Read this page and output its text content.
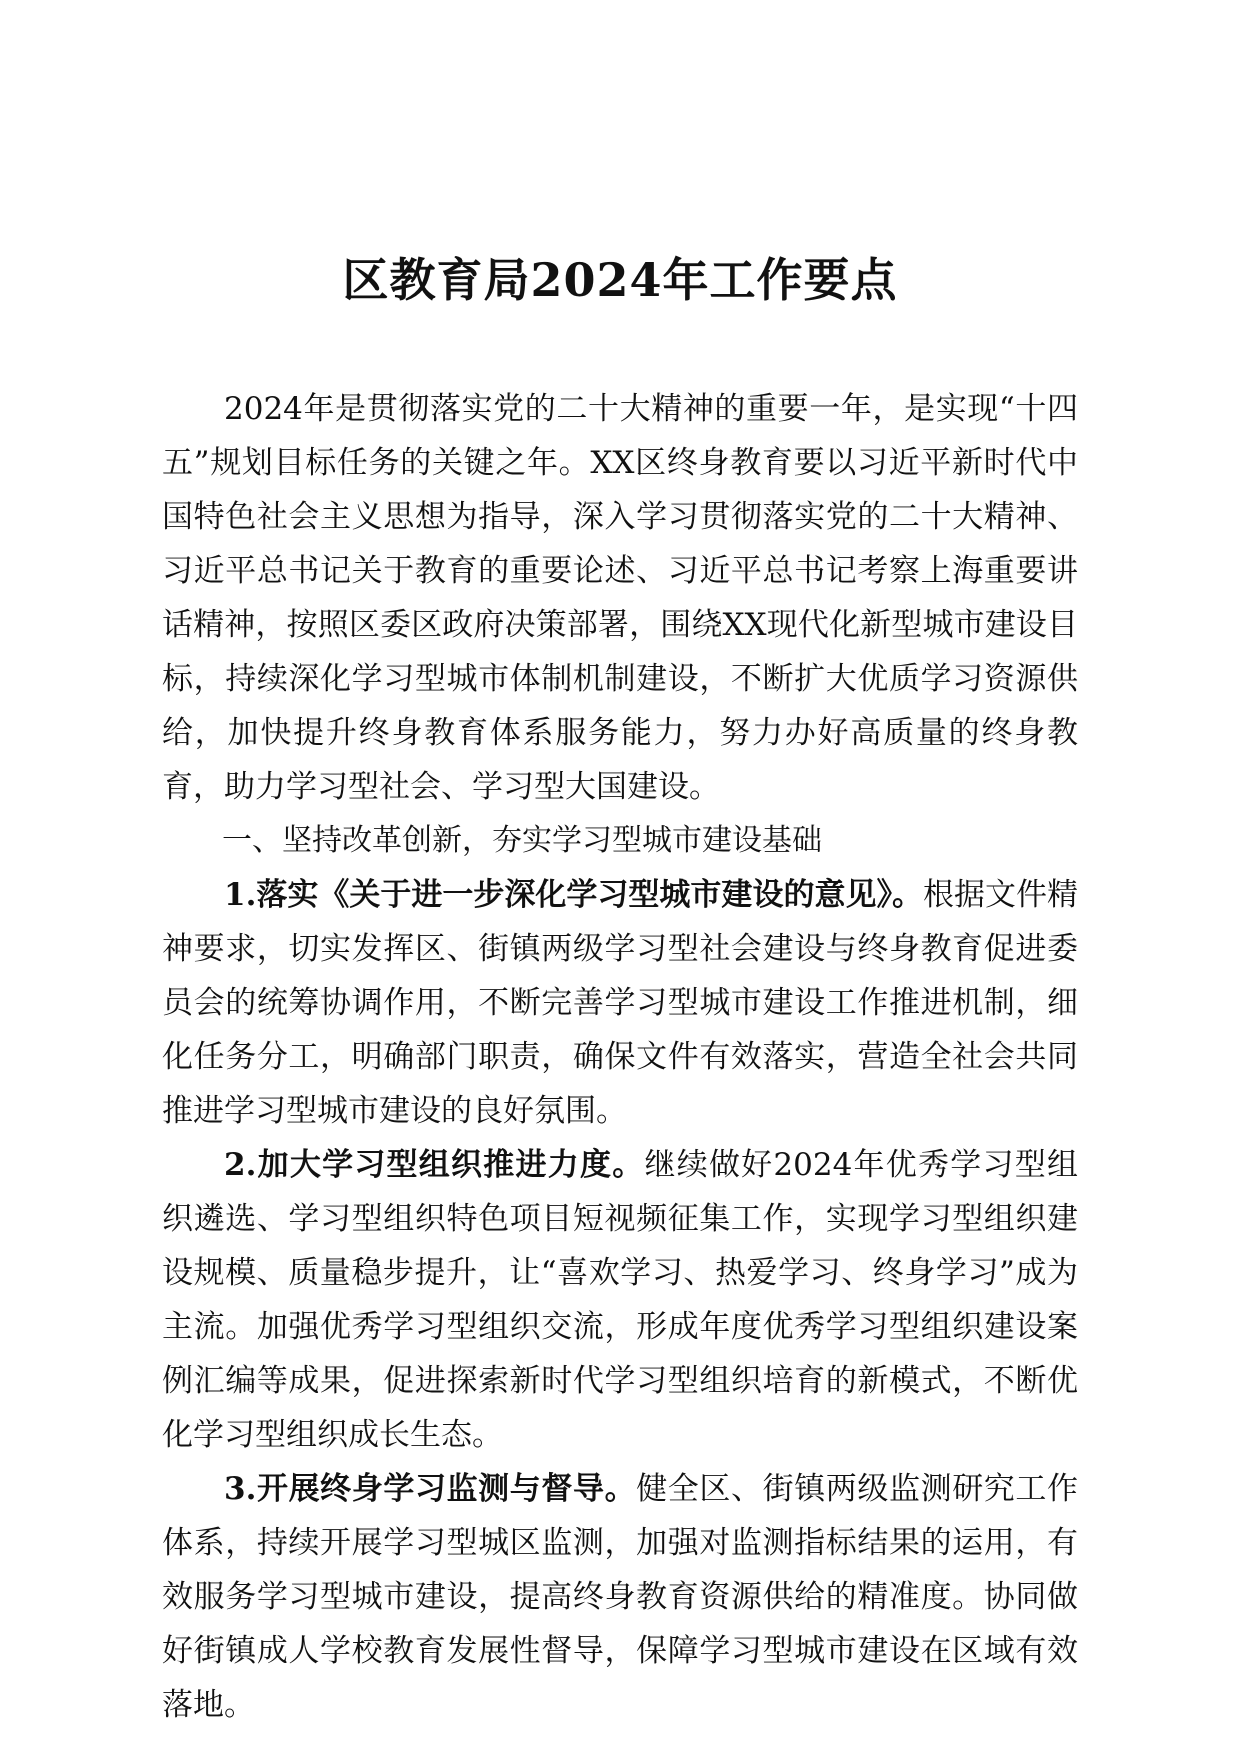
区教育局2024年工作要点

2024年是贯彻落实党的二十大精神的重要一年，是实现“十四五”规划目标任务的关键之年。XX区终身教育要以习近平新时代中国特色社会主义思想为指导，深入学习贯彻落实党的二十大精神、习近平总书记关于教育的重要论述、习近平总书记考察上海重要讲话精神，按照区委区政府决策部署，围绕XX现代化新型城市建设目标，持续深化学习型城市体制机制建设，不断扩大优质学习资源供给，加快提升终身教育体系服务能力，努力办好高质量的终身教育，助力学习型社会、学习型大国建设。

一、坚持改革创新，夯实学习型城市建设基础

1.落实《关于进一步深化学习型城市建设的意见》。根据文件精神要求，切实发挥区、街镇两级学习型社会建设与终身教育促进委员会的统筹协调作用，不断完善学习型城市建设工作推进机制，细化任务分工，明确部门职责，确保文件有效落实，营造全社会共同推进学习型城市建设的良好氛围。

2.加大学习型组织推进力度。继续做好2024年优秀学习型组织遴选、学习型组织特色项目短视频征集工作，实现学习型组织建设规模、质量稳步提升，让“喜欢学习、热爱学习、终身学习”成为主流。加强优秀学习型组织交流，形成年度优秀学习型组织建设案例汇编等成果，促进探索新时代学习型组织培育的新模式，不断优化学习型组织成长生态。

3.开展终身学习监测与督导。健全区、街镇两级监测研究工作体系，持续开展学习型城区监测，加强对监测指标结果的运用，有效服务学习型城市建设，提高终身教育资源供给的精准度。协同做好街镇成人学校教育发展性督导，保障学习型城市建设在区域有效落地。
